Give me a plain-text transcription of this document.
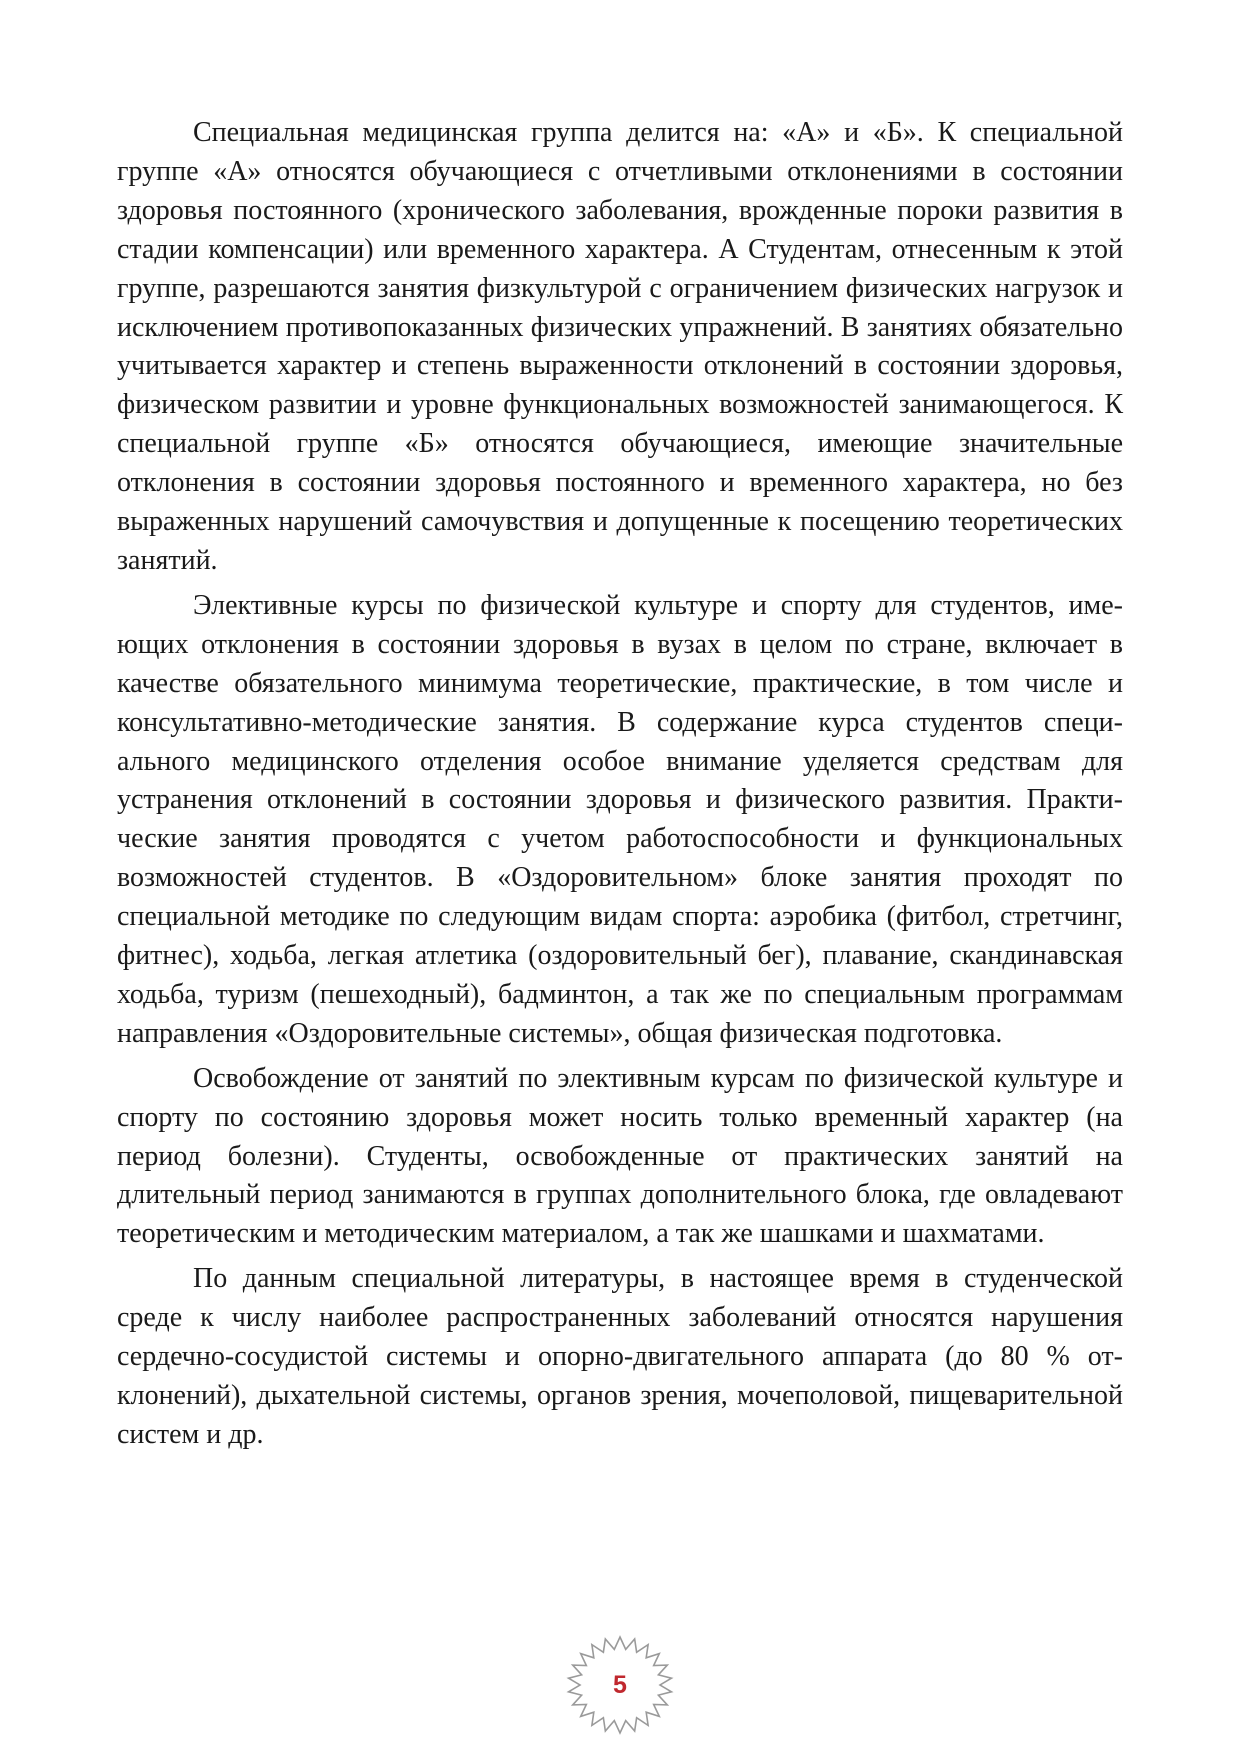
Специальная медицинская группа делится на: «А» и «Б». К специальной группе «А» относятся обучающиеся с отчетливыми отклонениями в состоянии здоровья постоянного (хронического заболевания, врожденные пороки развития в стадии компенсации) или временного характера. А Студентам, отнесенным к этой группе, разрешаются занятия физкультурой с ограничением физических нагрузок и исключением противопоказанных физических упражнений. В занятиях обязательно учитывается характер и степень выраженности отклонений в состоянии здоровья, физическом развитии и уровне функциональных возможностей занимающегося. К специальной группе «Б» относятся обучающиеся, имеющие значительные отклонения в состоянии здоровья постоянного и временного характера, но без выраженных нарушений самочувствия и допущенные к посещению теоретических занятий.

Элективные курсы по физической культуре и спорту для студентов, имеющих отклонения в состоянии здоровья в вузах в целом по стране, включает в качестве обязательного минимума теоретические, практические, в том числе и консультативно-методические занятия. В содержание курса студентов специального медицинского отделения особое внимание уделяется средствам для устранения отклонений в состоянии здоровья и физического развития. Практические занятия проводятся с учетом работоспособности и функциональных возможностей студентов. В «Оздоровительном» блоке занятия проходят по специальной методике по следующим видам спорта: аэробика (фитбол, стретчинг, фитнес), ходьба, легкая атлетика (оздоровительный бег), плавание, скандинавская ходьба, туризм (пешеходный), бадминтон, а так же по специальным программам направления «Оздоровительные системы», общая физическая подготовка.

Освобождение от занятий по элективным курсам по физической культуре и спорту по состоянию здоровья может носить только временный характер (на период болезни). Студенты, освобожденные от практических занятий на длительный период занимаются в группах дополнительного блока, где овладевают теоретическим и методическим материалом, а так же шашками и шахматами.

По данным специальной литературы, в настоящее время в студенческой среде к числу наиболее распространенных заболеваний относятся нарушения сердечно-сосудистой системы и опорно-двигательного аппарата (до 80 % отклонений), дыхательной системы, органов зрения, мочеполовой, пищеварительной систем и др.

5
